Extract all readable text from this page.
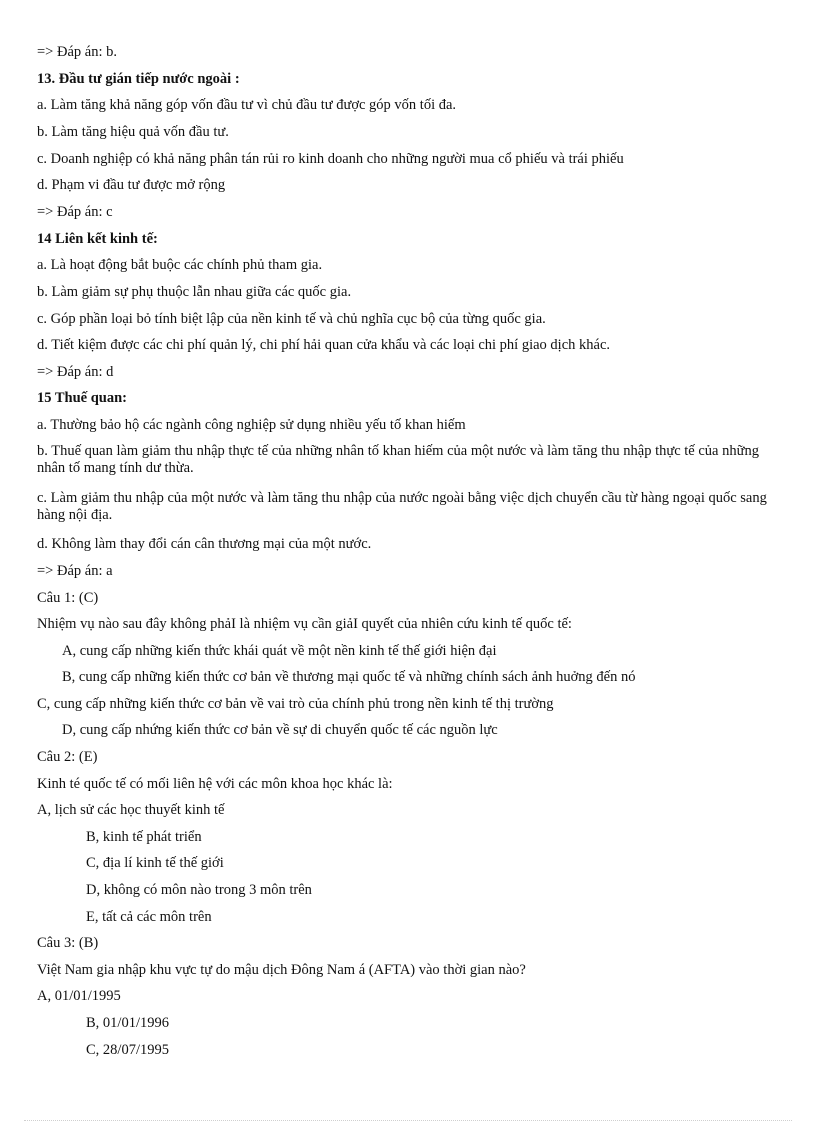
=> Đáp án: b.
13. Đầu tư gián tiếp nước ngoài :
a. Làm tăng khả năng góp vốn đầu tư vì chủ đầu tư được góp vốn tối đa.
b. Làm tăng hiệu quả vốn đầu tư.
c. Doanh nghiệp có khả năng phân tán rủi ro kinh doanh cho những người mua cổ phiếu và trái phiếu
d. Phạm vi đầu tư được mở rộng
=> Đáp án: c
14 Liên kết kinh tế:
a. Là hoạt động bắt buộc các chính phủ tham gia.
b. Làm giảm sự phụ thuộc lẫn nhau giữa các quốc gia.
c. Góp phần loại bỏ tính biệt lập của nền kinh tế và chủ nghĩa cục bộ của từng quốc gia.
d. Tiết kiệm được các chi phí quản lý, chi phí hải quan cửa khẩu và các loại chi phí giao dịch khác.
=> Đáp án: d
15 Thuế quan:
a. Thường bảo hộ các ngành công nghiệp sử dụng nhiều yếu tố khan hiếm
b. Thuế quan làm giảm thu nhập thực tế của những nhân tố khan hiếm của một nước và làm tăng thu nhập thực tế của những nhân tố mang tính dư thừa.
c. Làm giảm thu nhập của một nước và làm tăng thu nhập của nước ngoài bằng việc dịch chuyển cầu từ hàng ngoại quốc sang hàng nội địa.
d. Không làm thay đổi cán cân thương mại của một nước.
=> Đáp án: a
Câu 1: (C)
Nhiệm vụ nào sau đây không phảI là nhiệm vụ cần giảI quyết của nhiên cứu kinh tế quốc tế:
A, cung cấp những kiến thức khái quát về một nền kinh tế thế giới hiện đại
B, cung cấp những kiến thức cơ bản về thương mại quốc tế và những chính sách ảnh huởng đến nó
C, cung cấp những kiến thức cơ bản về vai trò của chính phủ trong nền kinh tế thị trường
D, cung cấp nhứng kiến thức cơ bản về sự di chuyển quốc tế các nguồn lực
Câu 2: (E)
Kinh té quốc tế có mối liên hệ với các môn khoa học khác là:
A, lịch sử các học thuyết kinh tế
B, kinh tế phát triển
C, địa lí kinh tế thế giới
D, không có môn nào trong 3 môn trên
E, tất cả các môn trên
Câu 3: (B)
Việt Nam gia nhập khu vực tự do mậu dịch Đông Nam á (AFTA) vào thời gian nào?
A, 01/01/1995
B, 01/01/1996
C, 28/07/1995
